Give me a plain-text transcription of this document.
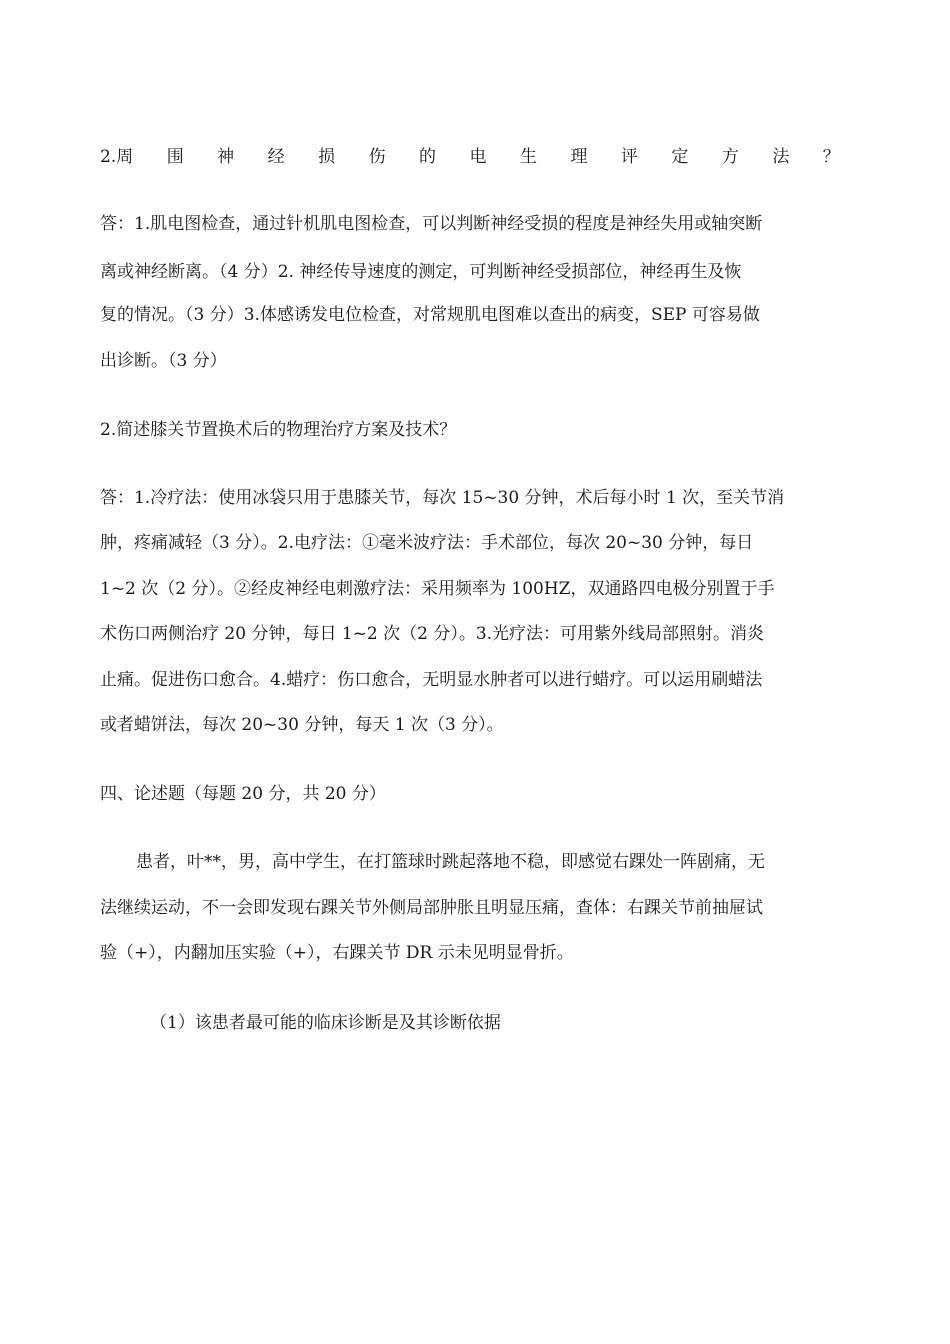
2.周 围 神 经 损 伤 的 电 生 理 评 定 方 法 ？
答：1.肌电图检查，通过针机肌电图检查，可以判断神经受损的程度是神经失用或轴突断
离或神经断离。（4 分）2. 神经传导速度的测定，可判断神经受损部位，神经再生及恢
复的情况。（3 分）3.体感诱发电位检查，对常规肌电图难以查出的病变，SEP 可容易做
出诊断。（3 分）
2.简述膝关节置换术后的物理治疗方案及技术？
答：1.冷疗法：使用冰袋只用于患膝关节，每次 15~30 分钟，术后每小时 1 次，至关节消
肿，疼痛减轻（3 分）。2.电疗法：①毫米波疗法：手术部位，每次 20~30 分钟，每日
1~2 次（2 分）。②经皮神经电刺激疗法：采用频率为 100HZ，双通路四电极分别置于手
术伤口两侧治疗 20 分钟，每日 1~2 次（2 分）。3.光疗法：可用紫外线局部照射。消炎
止痛。促进伤口愈合。4.蜡疗：伤口愈合，无明显水肿者可以进行蜡疗。可以运用刷蜡法
或者蜡饼法，每次 20~30 分钟，每天 1 次（3 分）。
四、论述题（每题 20 分，共 20 分）
患者，叶**，男，高中学生，在打篮球时跳起落地不稳，即感觉右踝处一阵剧痛，无
法继续运动，不一会即发现右踝关节外侧局部肿胀且明显压痛，查体：右踝关节前抽屉试
验（+），内翻加压实验（+），右踝关节 DR 示未见明显骨折。
（1）该患者最可能的临床诊断是及其诊断依据
